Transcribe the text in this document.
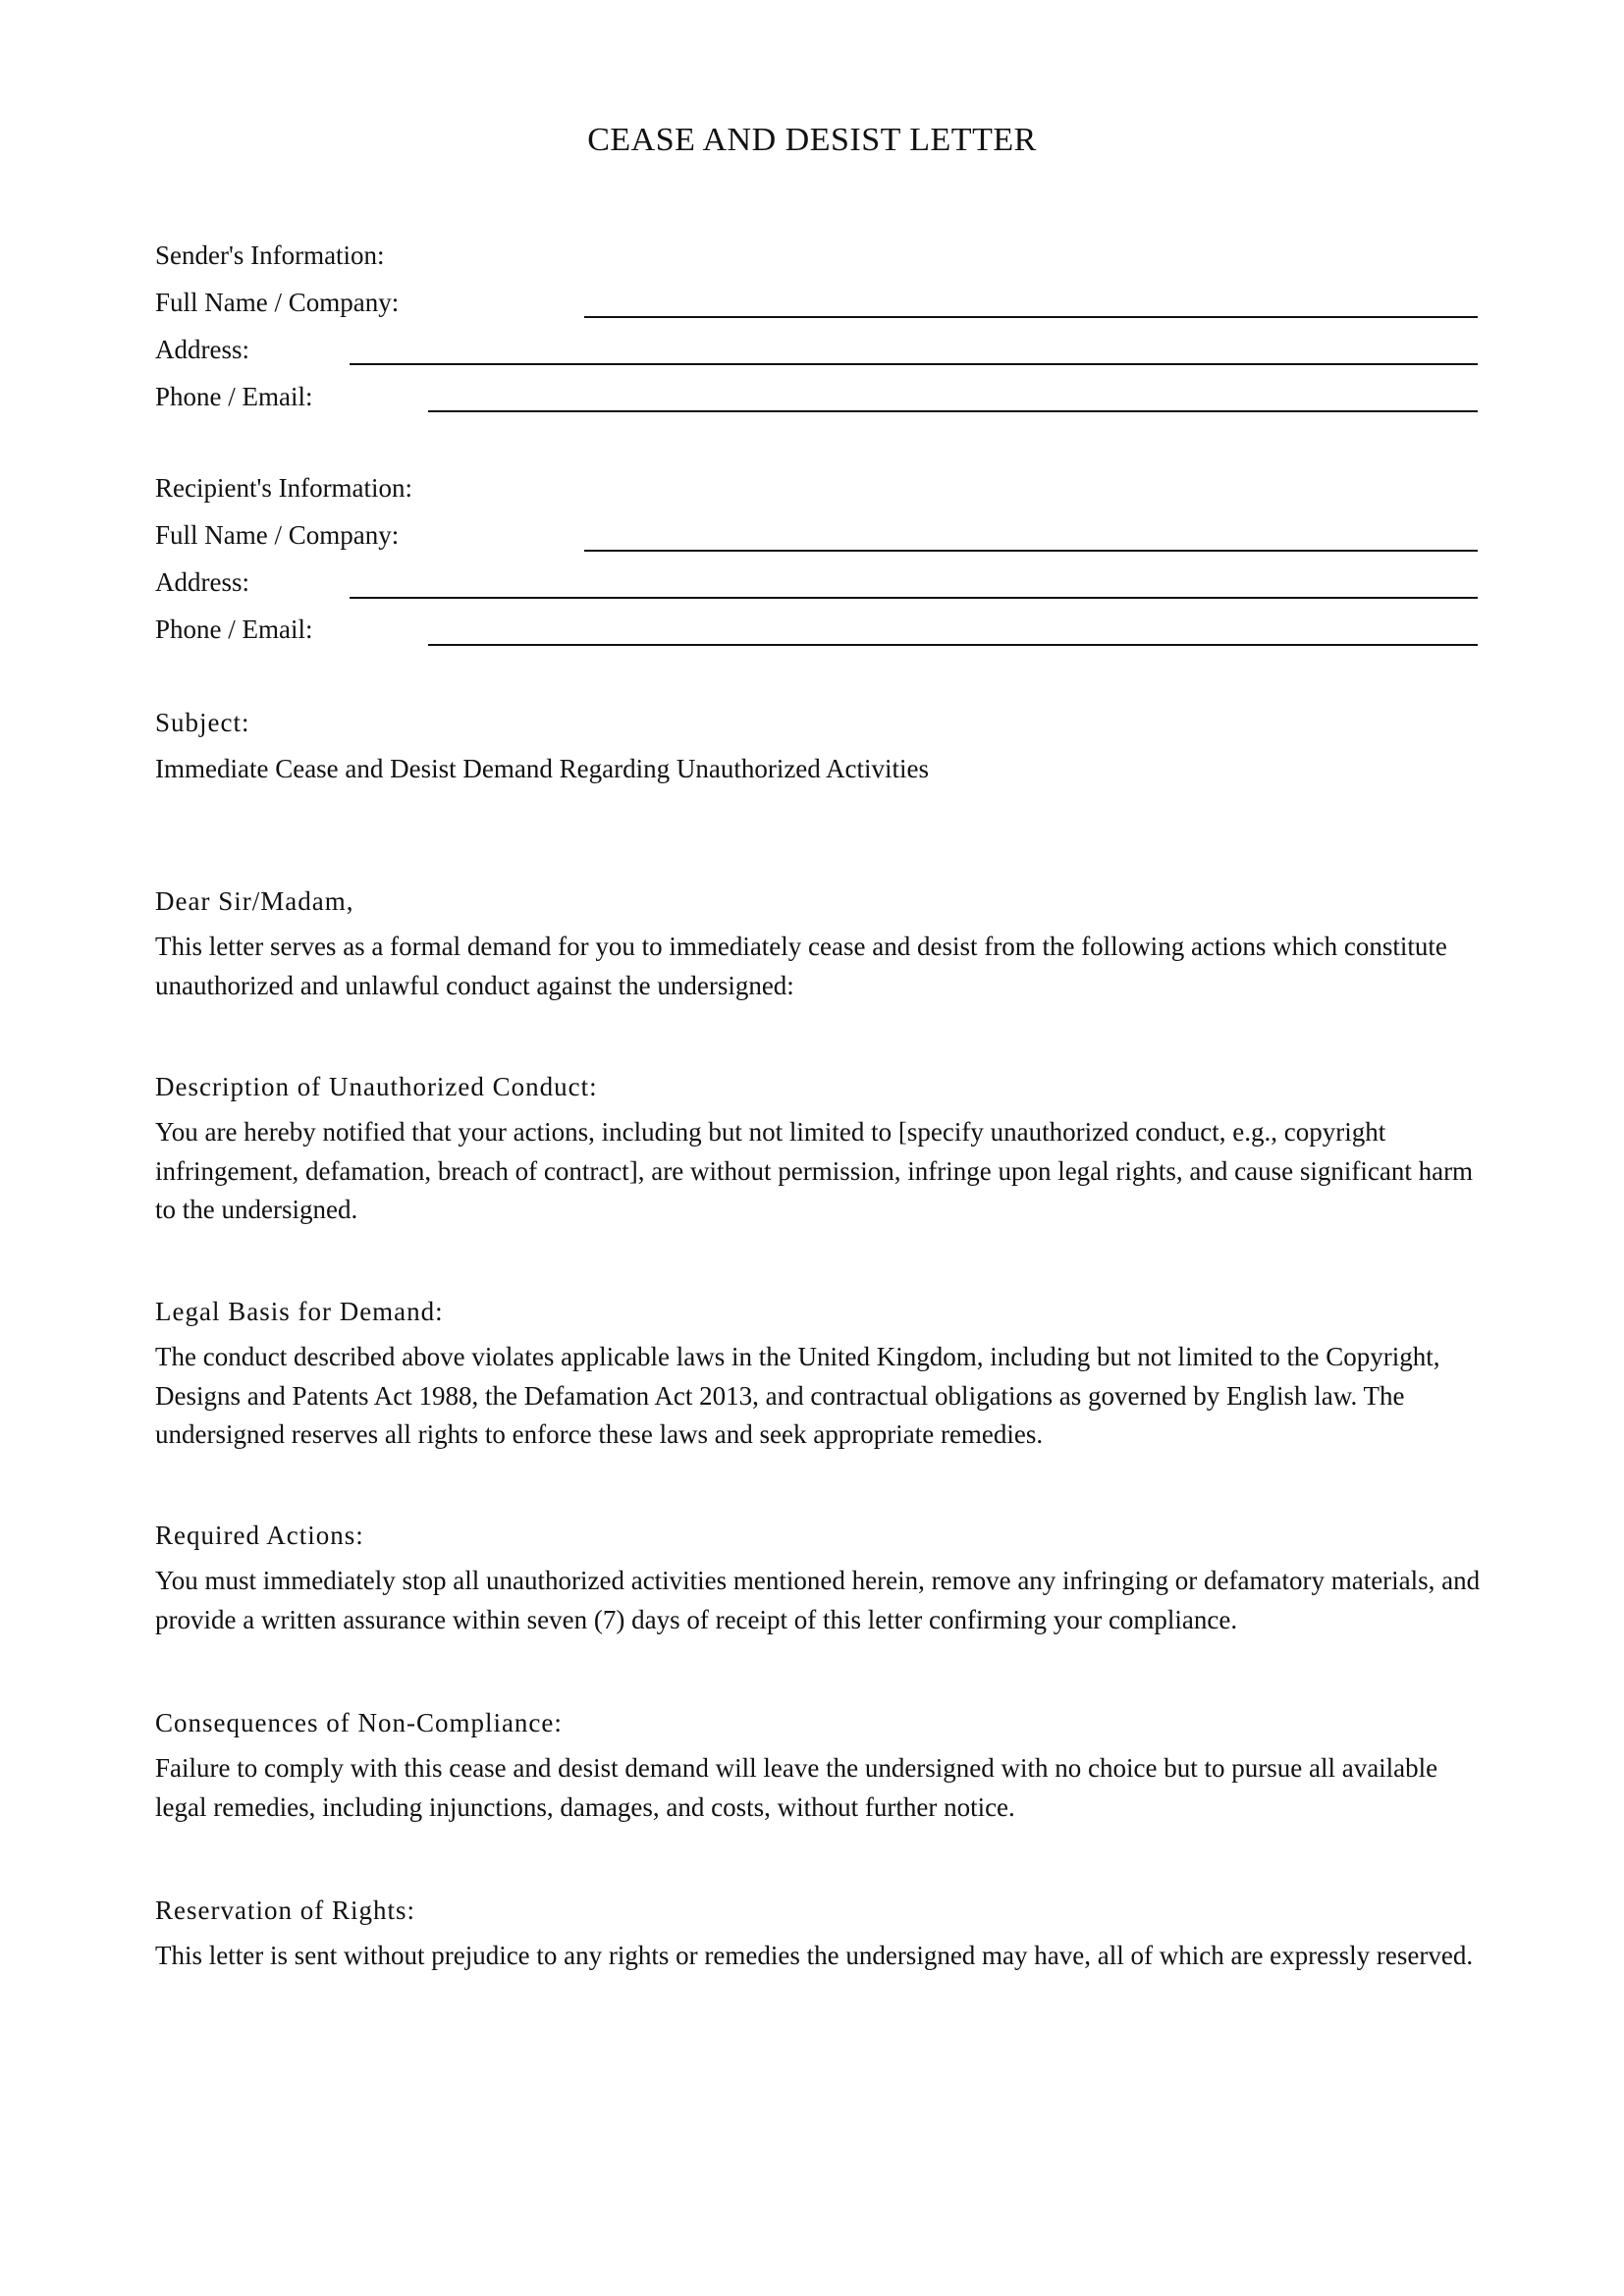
CEASE AND DESIST LETTER
Sender's Information:
Full Name / Company:
Address:
Phone / Email:
Recipient's Information:
Full Name / Company:
Address:
Phone / Email:
Subject:
Immediate Cease and Desist Demand Regarding Unauthorized Activities
Dear Sir/Madam,
This letter serves as a formal demand for you to immediately cease and desist from the following actions which constitute unauthorized and unlawful conduct against the undersigned:
Description of Unauthorized Conduct:
You are hereby notified that your actions, including but not limited to [specify unauthorized conduct, e.g., copyright infringement, defamation, breach of contract], are without permission, infringe upon legal rights, and cause significant harm to the undersigned.
Legal Basis for Demand:
The conduct described above violates applicable laws in the United Kingdom, including but not limited to the Copyright, Designs and Patents Act 1988, the Defamation Act 2013, and contractual obligations as governed by English law. The undersigned reserves all rights to enforce these laws and seek appropriate remedies.
Required Actions:
You must immediately stop all unauthorized activities mentioned herein, remove any infringing or defamatory materials, and provide a written assurance within seven (7) days of receipt of this letter confirming your compliance.
Consequences of Non-Compliance:
Failure to comply with this cease and desist demand will leave the undersigned with no choice but to pursue all available legal remedies, including injunctions, damages, and costs, without further notice.
Reservation of Rights:
This letter is sent without prejudice to any rights or remedies the undersigned may have, all of which are expressly reserved.
